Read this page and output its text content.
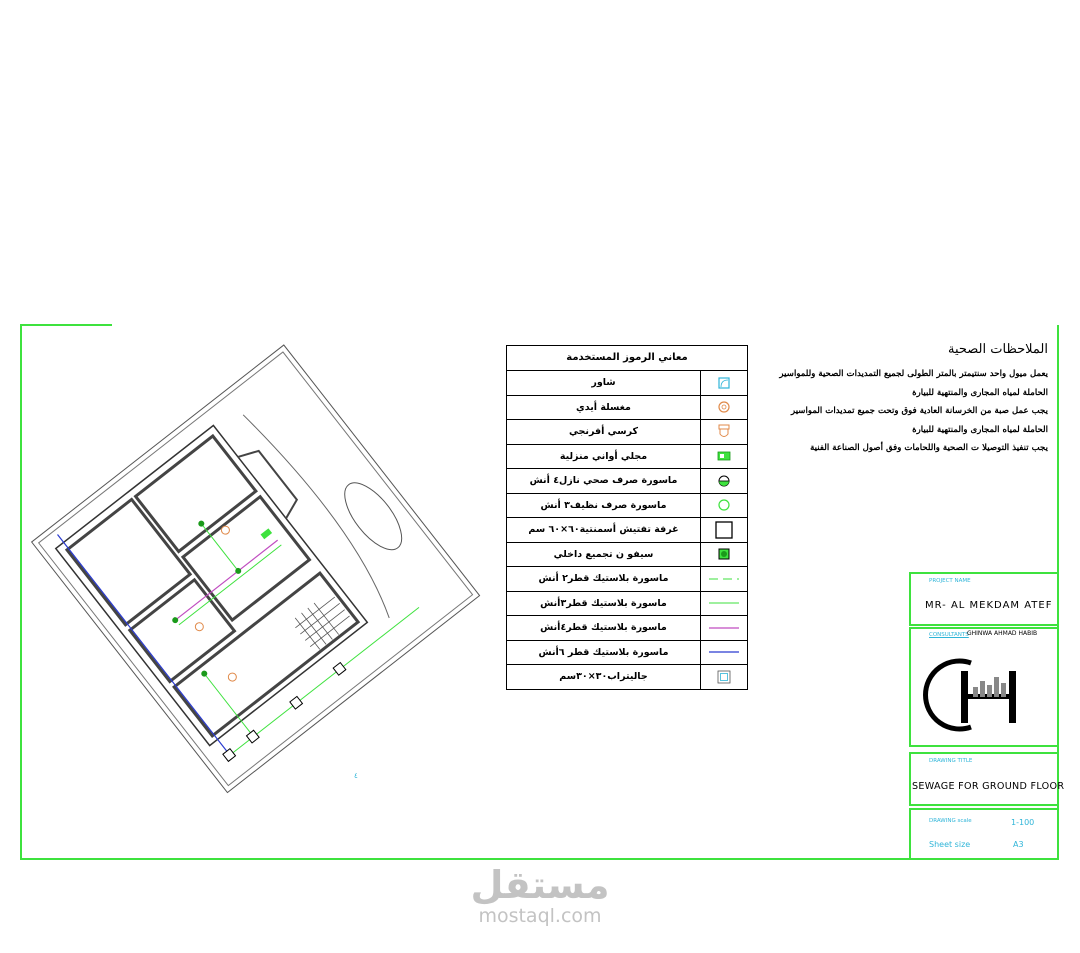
٤
معاني الرموز المستخدمة
شاور
مغسلة أيدي
كرسي أفرنجي
مجلي أواني منزلية
ماسورة صرف صحي نازل٤ أنش
ماسورة صرف نظيف٣ أنش
غرفة تفتيش أسمنتية٦٠×٦٠ سم
سيفو ن تجميع داخلي
ماسورة بلاستيك قطر٢ أنش
ماسورة بلاستيك قطر٣أنش
ماسورة بلاستيك قطر٤أنش
ماسورة بلاستيك قطر ٦أنش
جاليتراب٣٠×٣٠سم
الملاحظات الصحية
يعمل ميول واحد سنتيمتر بالمتر الطولى لجميع التمديدات الصحية وللمواسير
الحاملة لمياه المجارى والمنتهية للبيارة
يجب عمل صبة من الخرسانة العادية فوق وتحت جميع تمديدات المواسير
الحاملة لمياه المجارى والمنتهية للبيارة
يجب تنفيذ التوصيلا ت الصحية واللحامات وفق أصول الصناعة الفنية
PROJECT NAME
MR- AL MEKDAM ATEF
CONSULTANTS
GHINWA AHMAD HABIB
DRAWING TITLE
SEWAGE FOR GROUND FLOOR
DRAWING scale	1-100
Sheet size	A3
مستقل
mostaql.com
